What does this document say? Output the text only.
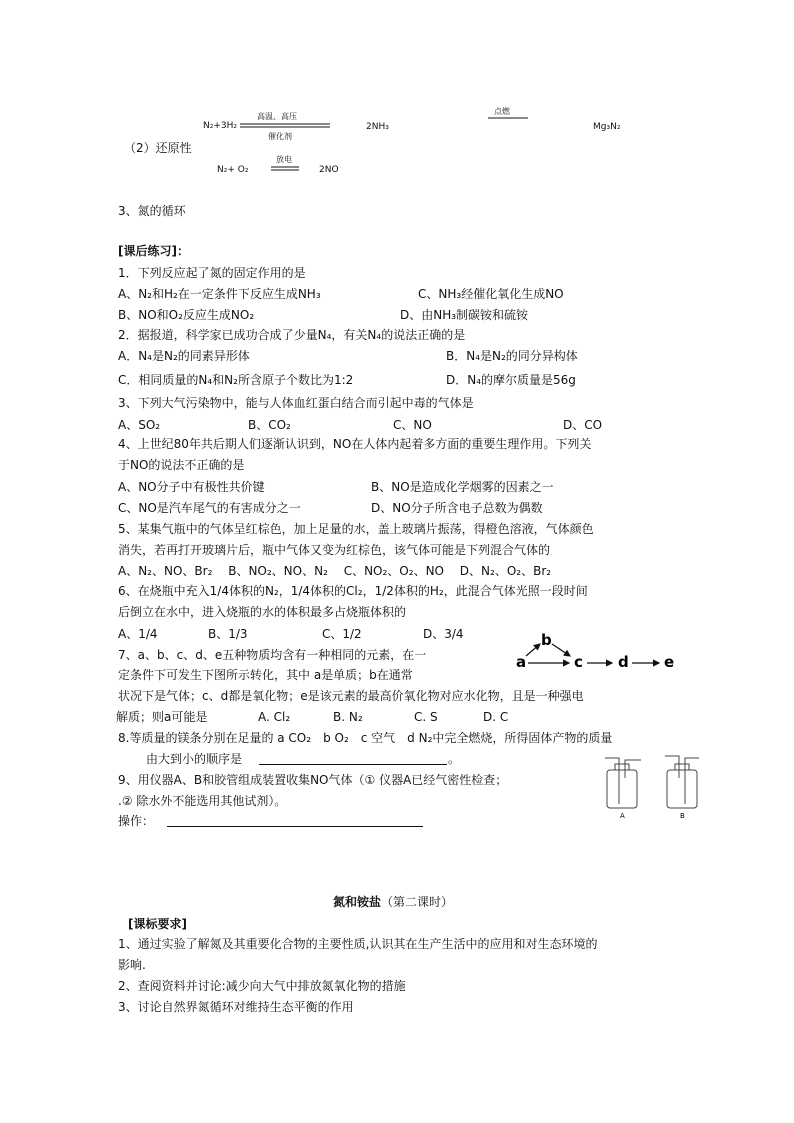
N₂+3H₂
高温、高压
催化剂
2NH₃
点燃
Mg₃N₂
（2）还原性
N₂+ O₂
放电
2NO
3、氮的循环
[课后练习]：
1．下列反应起了氮的固定作用的是
A、N₂和H₂在一定条件下反应生成NH₃	C、NH₃经催化氧化生成NO
B、NO和O₂反应生成NO₂	D、由NH₃制碳铵和硫铵
2．据报道，科学家已成功合成了少量N₄，有关N₄的说法正确的是
A．N₄是N₂的同素异形体	B．N₄是N₂的同分异构体
C．相同质量的N₄和N₂所含原子个数比为1:2	D．N₄的摩尔质量是56g
3、下列大气污染物中，能与人体血红蛋白结合而引起中毒的气体是
A、SO₂	B、CO₂	C、NO	D、CO
4、上世纪80年共后期人们逐渐认识到，NO在人体内起着多方面的重要生理作用。下列关
于NO的说法不正确的是
A、NO分子中有极性共价键	B、NO是造成化学烟雾的因素之一
C、NO是汽车尾气的有害成分之一	D、NO分子所含电子总数为偶数
5、某集气瓶中的气体呈红棕色，加上足量的水，盖上玻璃片振荡，得橙色溶液，气体颜色
消失，若再打开玻璃片后，瓶中气体又变为红棕色，该气体可能是下列混合气体的
A、N₂、NO、Br₂　 B、NO₂、NO、N₂　 C、NO₂、O₂、NO　 D、N₂、O₂、Br₂
6、在烧瓶中充入1/4体积的N₂，1/4体积的Cl₂，1/2体积的H₂，此混合气体光照一段时间
后倒立在水中，进入烧瓶的水的体积最多占烧瓶体积的
A、1/4	B、1/3	C、1/2	D、3/4
7、a、b、c、d、e五种物质均含有一种相同的元素，在一
定条件下可发生下图所示转化，其中 a是单质；b在通常
状况下是气体；c、d都是氧化物；e是该元素的最高价氧化物对应水化物，且是一种强电
解质；则a可能是	A. Cl₂	B. N₂	C. S	D. C
a
b
c d e
8.等质量的镁条分别在足量的 a CO₂　b O₂　c 空气　d N₂中完全燃烧，所得固体产物的质量
由大到小的顺序是	。
9、用仪器A、B和胶管组成装置收集NO气体（① 仪器A已经气密性检查；
.② 除水外不能选用其他试剂）。
操作：	A	B
氮和铵盐（第二课时）
[课标要求]
1、通过实验了解氮及其重要化合物的主要性质,认识其在生产生活中的应用和对生态环境的
影响.
2、查阅资料并讨论:减少向大气中排放氮氧化物的措施
3、讨论自然界氮循环对维持生态平衡的作用
